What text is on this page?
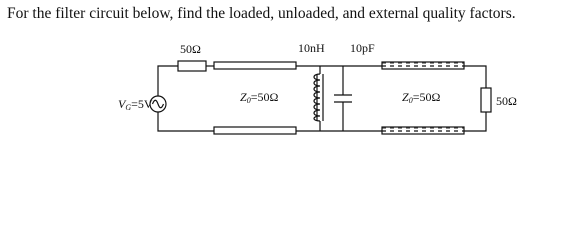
For the filter circuit below, find the loaded, unloaded, and external quality factors.
50Ω	10nH 10pF
VG=5V	Z0=50Ω	Z0=50Ω	50Ω
